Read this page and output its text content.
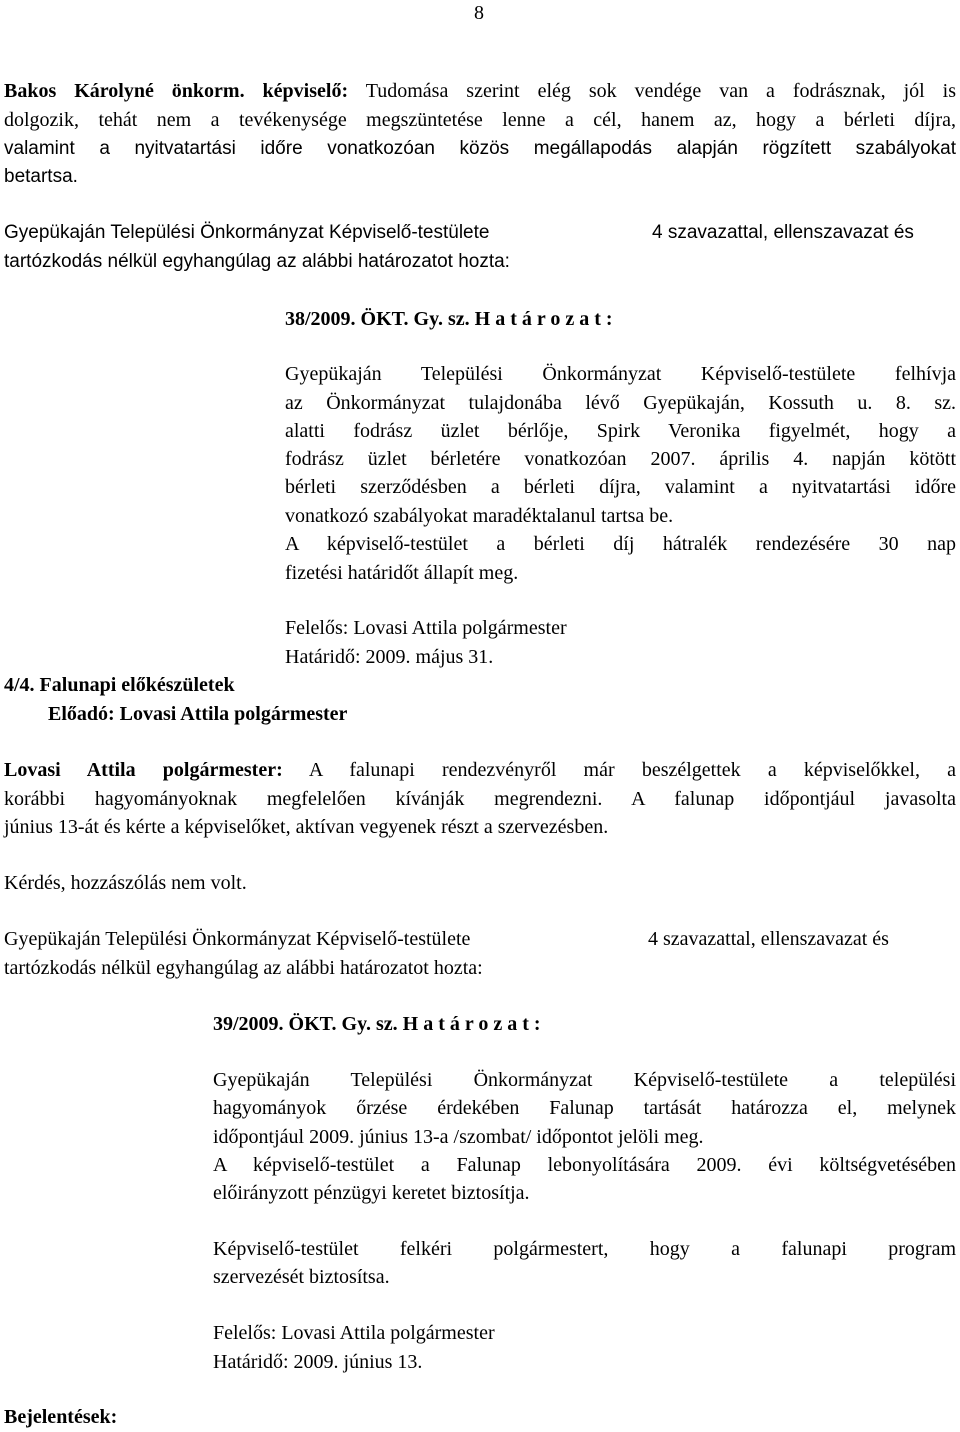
8
Bakos Károlyné önkorm. képviselő: Tudomása szerint elég sok vendége van a fodrásznak, jól is
dolgozik, tehát nem a tevékenysége megszüntetése lenne a cél, hanem az, hogy a bérleti díjra,
valamint a nyitvatartási időre vonatkozóan közös megállapodás alapján rögzített szabályokat
betartsa.
Gyepükaján Települési Önkormányzat Képviselő-testülete	4 szavazattal, ellenszavazat és
tartózkodás nélkül egyhangúlag az alábbi határozatot hozta:
38/2009. ÖKT. Gy. sz. H a t á r o z a t :
Gyepükaján Települési Önkormányzat Képviselő-testülete felhívja
az Önkormányzat tulajdonába lévő Gyepükaján, Kossuth u. 8. sz.
alatti fodrász üzlet bérlője, Spirk Veronika figyelmét, hogy a
fodrász üzlet bérletére vonatkozóan 2007. április 4. napján kötött
bérleti szerződésben a bérleti díjra, valamint a nyitvatartási időre
vonatkozó szabályokat maradéktalanul tartsa be.
A képviselő-testület a bérleti díj hátralék rendezésére 30 nap
fizetési határidőt állapít meg.
Felelős: Lovasi Attila polgármester
Határidő: 2009. május 31.
4/4. Falunapi előkészületek
Előadó: Lovasi Attila polgármester
Lovasi Attila polgármester: A falunapi rendezvényről már beszélgettek a képviselőkkel, a
korábbi hagyományoknak megfelelően kívánják megrendezni. A falunap időpontjául javasolta
június 13-át és kérte a képviselőket, aktívan vegyenek részt a szervezésben.
Kérdés, hozzászólás nem volt.
Gyepükaján Települési Önkormányzat Képviselő-testülete	4 szavazattal, ellenszavazat és
tartózkodás nélkül egyhangúlag az alábbi határozatot hozta:
39/2009. ÖKT. Gy. sz. H a t á r o z a t :
Gyepükaján Települési Önkormányzat Képviselő-testülete a települési
hagyományok őrzése érdekében Falunap tartását határozza el, melynek
időpontjául 2009. június 13-a /szombat/ időpontot jelöli meg.
A képviselő-testület a Falunap lebonyolítására 2009. évi költségvetésében
előirányzott pénzügyi keretet biztosítja.
Képviselő-testület felkéri polgármestert, hogy a falunapi program
szervezését biztosítsa.
Felelős: Lovasi Attila polgármester
Határidő: 2009. június 13.
Bejelentések:
